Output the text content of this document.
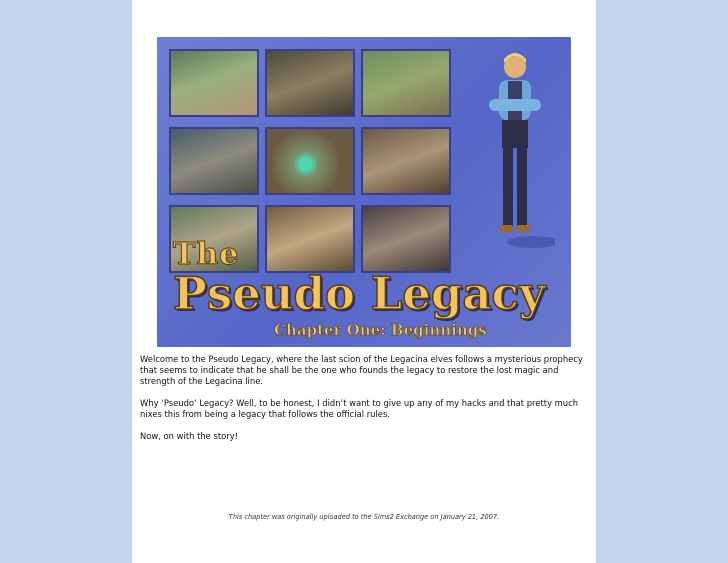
The
Pseudo Legacy
Chapter One: Beginnings

Welcome to the Pseudo Legacy, where the last scion of the Legacina elves follows a mysterious prophecy that seems to indicate that he shall be the one who founds the legacy to restore the lost magic and strength of the Legacina line.

Why ‘Pseudo’ Legacy? Well, to be honest, I didn’t want to give up any of my hacks and that pretty much nixes this from being a legacy that follows the official rules.

Now, on with the story!

This chapter was originally uploaded to the Sims2 Exchange on January 21, 2007.
